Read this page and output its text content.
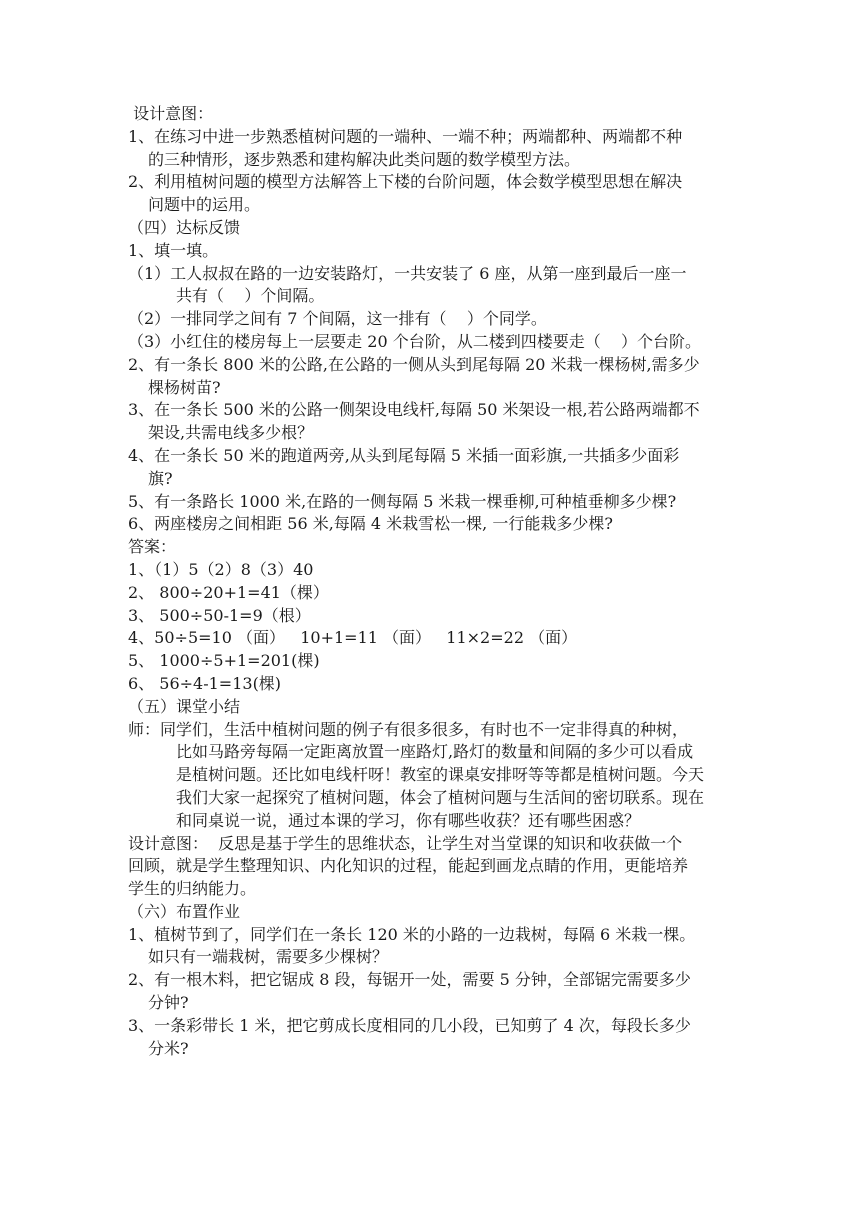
设计意图：
1、在练习中进一步熟悉植树问题的一端种、一端不种；两端都种、两端都不种
的三种情形，逐步熟悉和建构解决此类问题的数学模型方法。
2、利用植树问题的模型方法解答上下楼的台阶问题，体会数学模型思想在解决
问题中的运用。
（四）达标反馈
1、填一填。
（1）工人叔叔在路的一边安装路灯，一共安装了 6 座，从第一座到最后一座一
共有（    ）个间隔。
（2）一排同学之间有 7 个间隔，这一排有（    ）个同学。
（3）小红住的楼房每上一层要走 20 个台阶，从二楼到四楼要走（    ）个台阶。
2、有一条长 800 米的公路,在公路的一侧从头到尾每隔 20 米栽一棵杨树,需多少
棵杨树苗?
3、在一条长 500 米的公路一侧架设电线杆,每隔 50 米架设一根,若公路两端都不
架设,共需电线多少根？
4、在一条长 50 米的跑道两旁,从头到尾每隔 5 米插一面彩旗,一共插多少面彩
旗?
5、有一条路长 1000 米,在路的一侧每隔 5 米栽一棵垂柳,可种植垂柳多少棵?
6、两座楼房之间相距 56 米,每隔 4 米栽雪松一棵, 一行能栽多少棵?
答案：
1、（1）5（2）8（3）40
2、 800÷20+1=41（棵）
3、 500÷50-1=9（根）
4、50÷5=10 （面）   10+1=11 （面）   11×2=22 （面）
5、 1000÷5+1=201(棵)
6、 56÷4-1=13(棵)
（五）课堂小结
师：同学们，生活中植树问题的例子有很多很多，有时也不一定非得真的种树，
比如马路旁每隔一定距离放置一座路灯,路灯的数量和间隔的多少可以看成
是植树问题。还比如电线杆呀！教室的课桌安排呀等等都是植树问题。今天
我们大家一起探究了植树问题，体会了植树问题与生活间的密切联系。现在
和同桌说一说，通过本课的学习，你有哪些收获？还有哪些困惑？
设计意图：  反思是基于学生的思维状态，让学生对当堂课的知识和收获做一个
回顾，就是学生整理知识、内化知识的过程，能起到画龙点睛的作用，更能培养
学生的归纳能力。
（六）布置作业
1、植树节到了，同学们在一条长 120 米的小路的一边栽树，每隔 6 米栽一棵。
如只有一端栽树，需要多少棵树？
2、有一根木料，把它锯成 8 段，每锯开一处，需要 5 分钟，全部锯完需要多少
分钟?
3、一条彩带长 1 米，把它剪成长度相同的几小段，已知剪了 4 次，每段长多少
分米?
